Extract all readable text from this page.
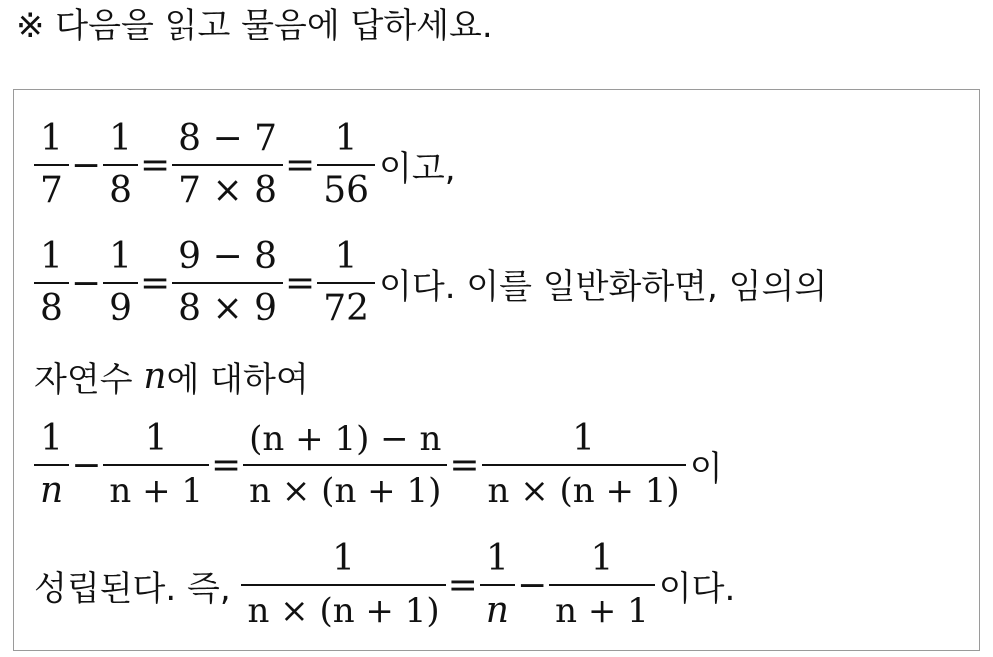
※ 다음을 읽고 물음에 답하세요.
$\frac{1}{7} - \frac{1}{8} = \frac{8 - 7}{7 \times 8} = \frac{1}{56}$ 이고,
$\frac{1}{8} - \frac{1}{9} = \frac{9 - 8}{8 \times 9} = \frac{1}{72}$ 이다. 이를 일반화하면, 임의의
자연수 n 에 대하여
$\frac{1}{n} - \frac{1}{n + 1} = \frac{(n + 1) - n}{n \times (n + 1)} = \frac{1}{n \times (n + 1)}$ 이
성립된다. 즉, $\frac{1}{n \times (n + 1)} = \frac{1}{n} - \frac{1}{n + 1}$ 이다.
